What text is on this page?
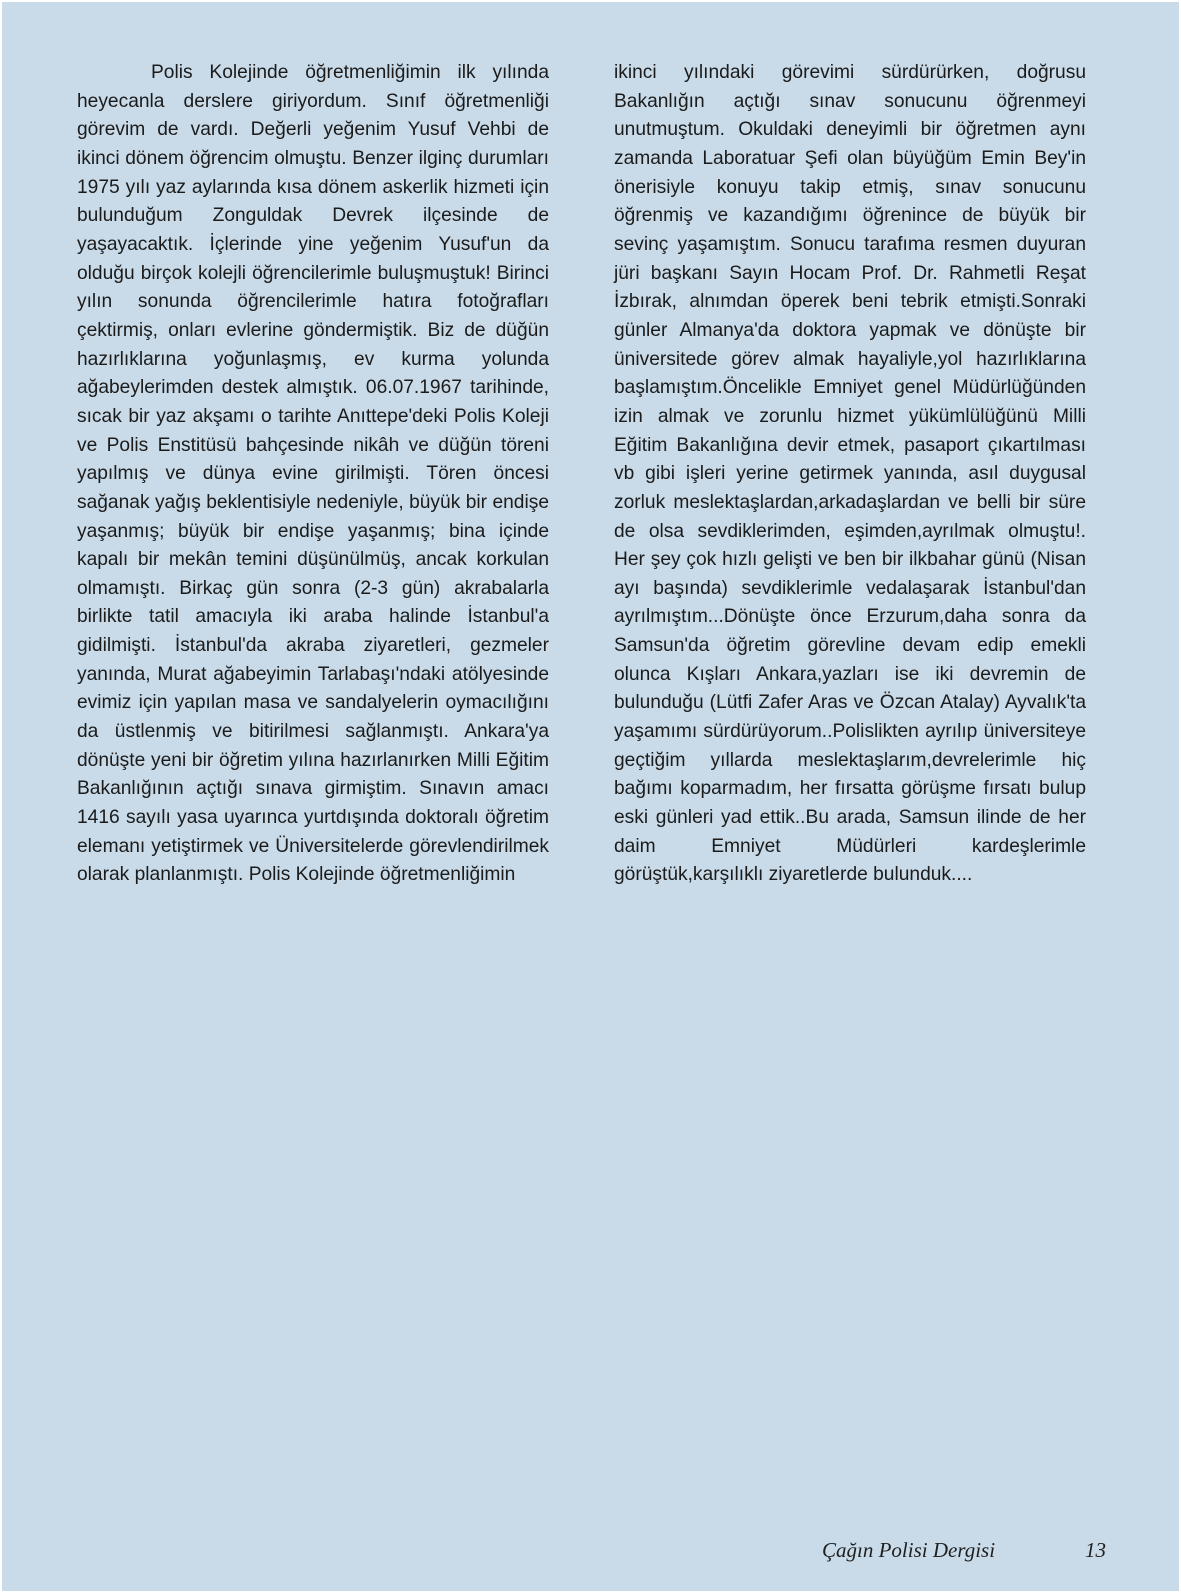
Polis Kolejinde öğretmenliğimin ilk yılında heyecanla derslere giriyordum. Sınıf öğretmenliği görevim de vardı. Değerli yeğenim Yusuf Vehbi de ikinci dönem öğrencim olmuştu. Benzer ilginç durumları 1975 yılı yaz aylarında kısa dönem askerlik hizmeti için bulunduğum Zonguldak Devrek ilçesinde de yaşayacaktık. İçlerinde yine yeğenim Yusuf'un da olduğu birçok kolejli öğrencilerimle buluşmuştuk! Birinci yılın sonunda öğrencilerimle hatıra fotoğrafları çektirmiş, onları evlerine göndermiştik. Biz de düğün hazırlıklarına yoğunlaşmış, ev kurma yolunda ağabeylerimden destek almıştık. 06.07.1967 tarihinde, sıcak bir yaz akşamı o tarihte Anıttepe'deki Polis Koleji ve Polis Enstitüsü bahçesinde nikâh ve düğün töreni yapılmış ve dünya evine girilmişti. Tören öncesi sağanak yağış beklentisiyle nedeniyle, büyük bir endişe yaşanmış; büyük bir endişe yaşanmış; bina içinde kapalı bir mekân temini düşünülmüş, ancak korkulan olmamıştı. Birkaç gün sonra (2-3 gün) akrabalarla birlikte tatil amacıyla iki araba halinde İstanbul'a gidilmişti. İstanbul'da akraba ziyaretleri, gezmeler yanında, Murat ağabeyimin Tarlabaşı'ndaki atölyesinde evimiz için yapılan masa ve sandalyelerin oymacılığını da üstlenmiş ve bitirilmesi sağlanmıştı. Ankara'ya dönüşte yeni bir öğretim yılına hazırlanırken Milli Eğitim Bakanlığının açtığı sınava girmiştim. Sınavın amacı 1416 sayılı yasa uyarınca yurtdışında doktoralı öğretim elemanı yetiştirmek ve Üniversitelerde görevlendirilmek olarak planlanmıştı. Polis Kolejinde öğretmenliğimin

ikinci yılındaki görevimi sürdürürken, doğrusu Bakanlığın açtığı sınav sonucunu öğrenmeyi unutmuştum. Okuldaki deneyimli bir öğretmen aynı zamanda Laboratuar Şefi olan büyüğüm Emin Bey'in önerisiyle konuyu takip etmiş, sınav sonucunu öğrenmiş ve kazandığımı öğrenince de büyük bir sevinç yaşamıştım. Sonucu tarafıma resmen duyuran jüri başkanı Sayın Hocam Prof. Dr. Rahmetli Reşat İzbırak, alnımdan öperek beni tebrik etmişti.Sonraki günler Almanya'da doktora yapmak ve dönüşte bir üniversitede görev almak hayaliyle,yol hazırlıklarına başlamıştım.Öncelikle Emniyet genel Müdürlüğünden izin almak ve zorunlu hizmet yükümlülüğünü Milli Eğitim Bakanlığına devir etmek, pasaport çıkartılması vb gibi işleri yerine getirmek yanında, asıl duygusal zorluk meslektaşlardan,arkadaşlardan ve belli bir süre de olsa sevdiklerimden, eşimden,ayrılmak olmuştu!. Her şey çok hızlı gelişti ve ben bir ilkbahar günü (Nisan ayı başında) sevdiklerimle vedalaşarak İstanbul'dan ayrılmıştım...Dönüşte önce Erzurum,daha sonra da Samsun'da öğretim görevline devam edip emekli olunca Kışları Ankara,yazları ise iki devremin de bulunduğu (Lütfi Zafer Aras ve Özcan Atalay) Ayvalık'ta yaşamımı sürdürüyorum..Polislikten ayrılıp üniversiteye geçtiğim yıllarda meslektaşlarım,devrelerimle hiç bağımı koparmadım, her fırsatta görüşme fırsatı bulup eski günleri yad ettik..Bu arada, Samsun ilinde de her daim Emniyet Müdürleri kardeşlerimle görüştük,karşılıklı ziyaretlerde bulunduk....

Çağın Polisi Dergisi	13
